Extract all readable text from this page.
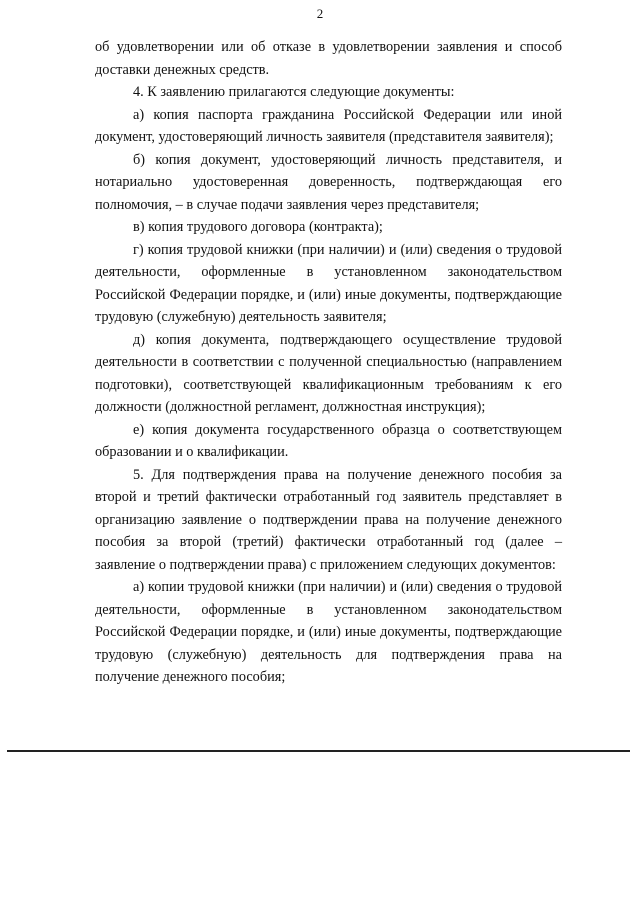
2

об удовлетворении или об отказе в удовлетворении заявления и способ доставки денежных средств.

4. К заявлению прилагаются следующие документы:

а) копия паспорта гражданина Российской Федерации или иной документ, удостоверяющий личность заявителя (представителя заявителя);

б) копия документ, удостоверяющий личность представителя, и нотариально удостоверенная доверенность, подтверждающая его полномочия, – в случае подачи заявления через представителя;

в) копия трудового договора (контракта);

г) копия трудовой книжки (при наличии) и (или) сведения о трудовой деятельности, оформленные в установленном законодательством Российской Федерации порядке, и (или) иные документы, подтверждающие трудовую (служебную) деятельность заявителя;

д) копия документа, подтверждающего осуществление трудовой деятельности в соответствии с полученной специальностью (направлением подготовки), соответствующей квалификационным требованиям к его должности (должностной регламент, должностная инструкция);

е) копия документа государственного образца о соответствующем образовании и о квалификации.

5. Для подтверждения права на получение денежного пособия за второй и третий фактически отработанный год заявитель представляет в организацию заявление о подтверждении права на получение денежного пособия за второй (третий) фактически отработанный год (далее – заявление о подтверждении права) с приложением следующих документов:

а) копии трудовой книжки (при наличии) и (или) сведения о трудовой деятельности, оформленные в установленном законодательством Российской Федерации порядке, и (или) иные документы, подтверждающие трудовую (служебную) деятельность для подтверждения права на получение денежного пособия;
